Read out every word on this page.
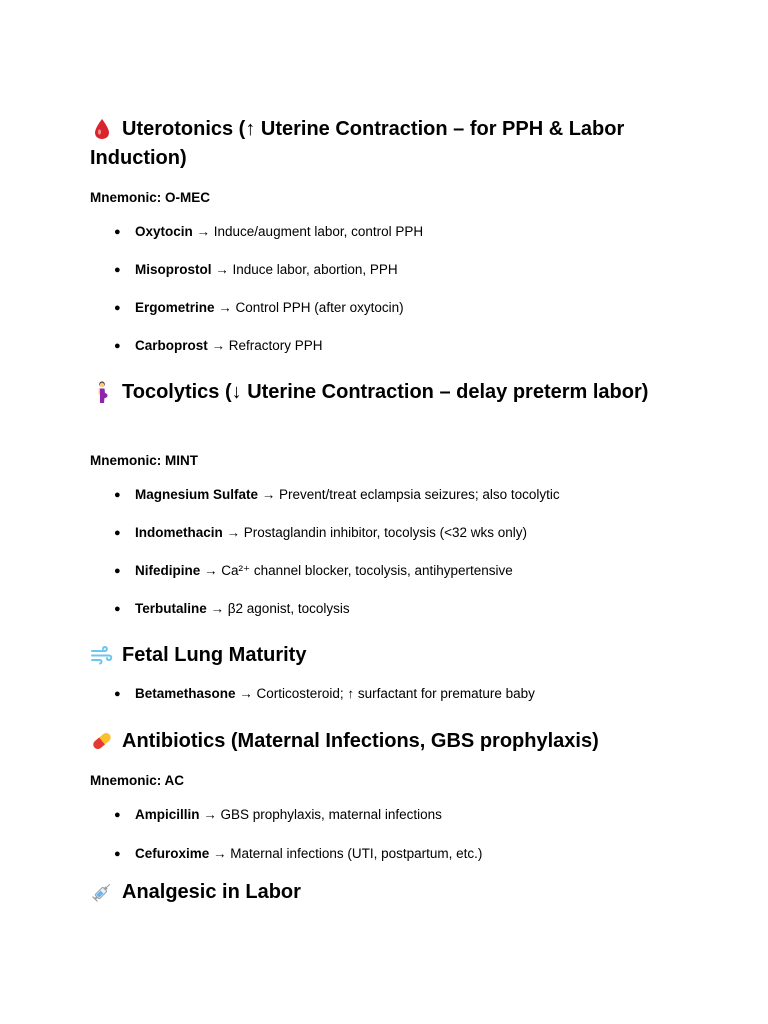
Uterotonics (↑ Uterine Contraction – for PPH & Labor Induction)

Mnemonic: O-MEC

● Oxytocin → Induce/augment labor, control PPH
● Misoprostol → Induce labor, abortion, PPH
● Ergometrine → Control PPH (after oxytocin)
● Carboprost → Refractory PPH
Tocolytics (↓ Uterine Contraction – delay preterm labor)

Mnemonic: MINT

● Magnesium Sulfate → Prevent/treat eclampsia seizures; also tocolytic
● Indomethacin → Prostaglandin inhibitor, tocolysis (<32 wks only)
● Nifedipine → Ca²⁺ channel blocker, tocolysis, antihypertensive
● Terbutaline → β2 agonist, tocolysis
Fetal Lung Maturity
● Betamethasone → Corticosteroid; ↑ surfactant for premature baby
Antibiotics (Maternal Infections, GBS prophylaxis)

Mnemonic: AC

● Ampicillin → GBS prophylaxis, maternal infections
● Cefuroxime → Maternal infections (UTI, postpartum, etc.)
Analgesic in Labor
